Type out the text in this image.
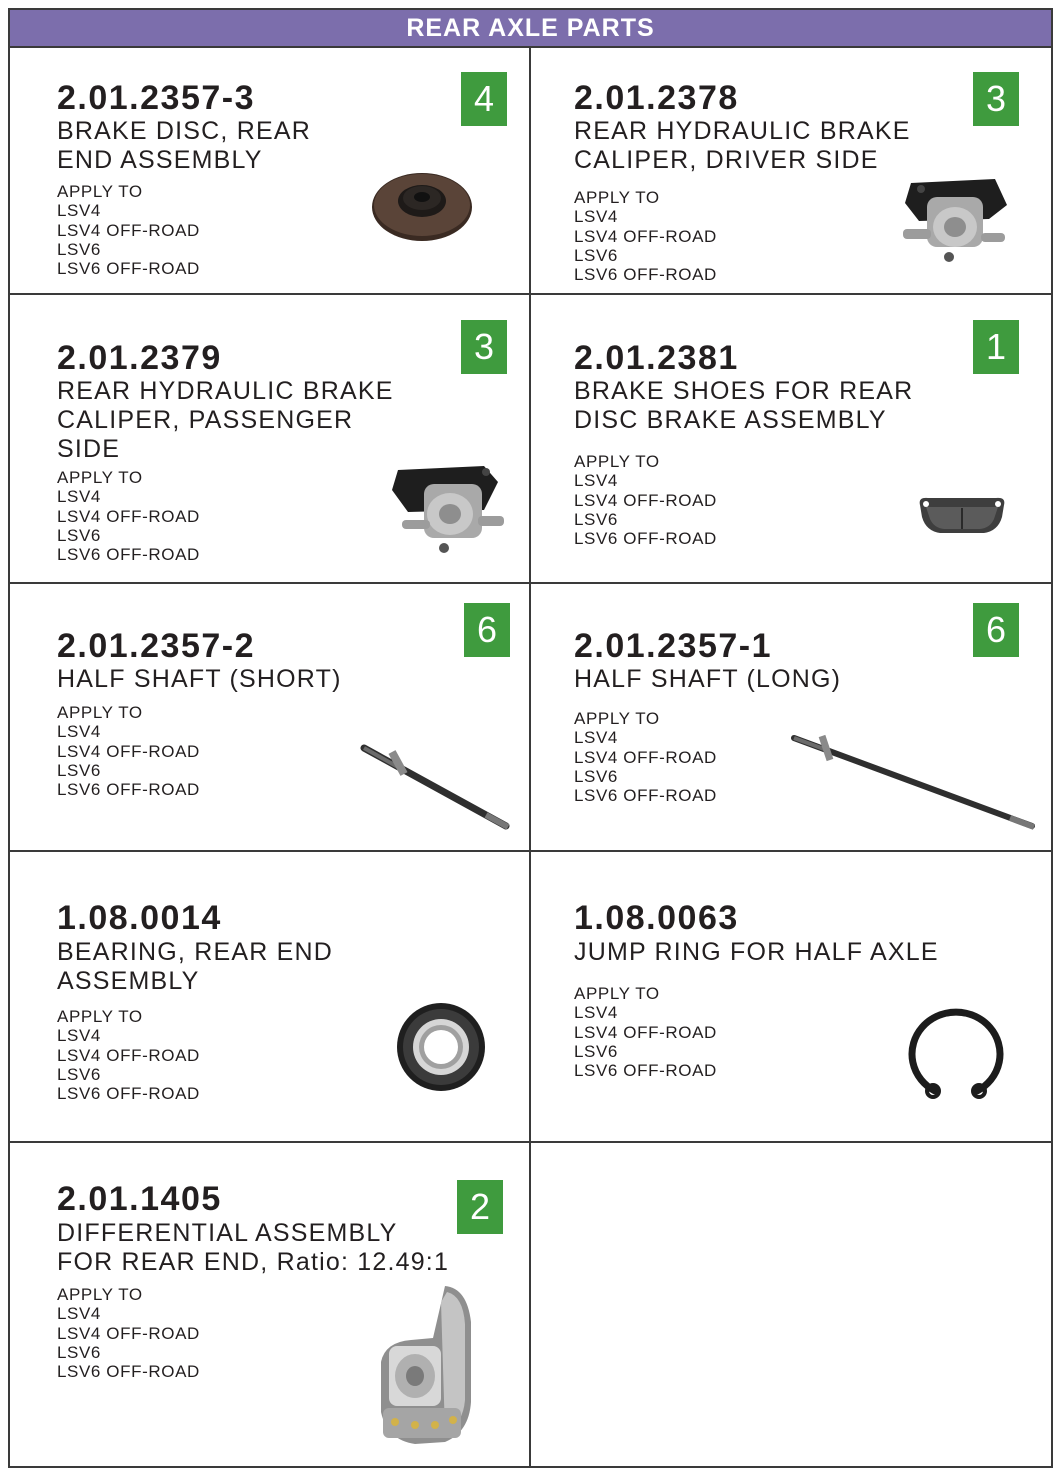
REAR AXLE PARTS
2.01.2357-3
BRAKE DISC, REAR
END ASSEMBLY
APPLY TO
LSV4
LSV4 OFF-ROAD
LSV6
LSV6 OFF-ROAD
4	2.01.2378
REAR HYDRAULIC BRAKE
CALIPER, DRIVER SIDE
APPLY TO
LSV4
LSV4 OFF-ROAD
LSV6
LSV6 OFF-ROAD
3
2.01.2379
REAR HYDRAULIC BRAKE
CALIPER, PASSENGER
SIDE
APPLY TO
LSV4
LSV4 OFF-ROAD
LSV6
LSV6 OFF-ROAD
3	2.01.2381
BRAKE SHOES FOR REAR
DISC BRAKE ASSEMBLY
APPLY TO
LSV4
LSV4 OFF-ROAD
LSV6
LSV6 OFF-ROAD
1
2.01.2357-2
HALF SHAFT (SHORT)
APPLY TO
LSV4
LSV4 OFF-ROAD
LSV6
LSV6 OFF-ROAD
6	2.01.2357-1
HALF SHAFT (LONG)
APPLY TO
LSV4
LSV4 OFF-ROAD
LSV6
LSV6 OFF-ROAD
6
1.08.0014
BEARING, REAR END
ASSEMBLY
APPLY TO
LSV4
LSV4 OFF-ROAD
LSV6
LSV6 OFF-ROAD
1.08.0063
JUMP RING FOR HALF AXLE
APPLY TO
LSV4
LSV4 OFF-ROAD
LSV6
LSV6 OFF-ROAD
2.01.1405
DIFFERENTIAL ASSEMBLY
FOR REAR END, Ratio: 12.49:1
APPLY TO
LSV4
LSV4 OFF-ROAD
LSV6
LSV6 OFF-ROAD
2
